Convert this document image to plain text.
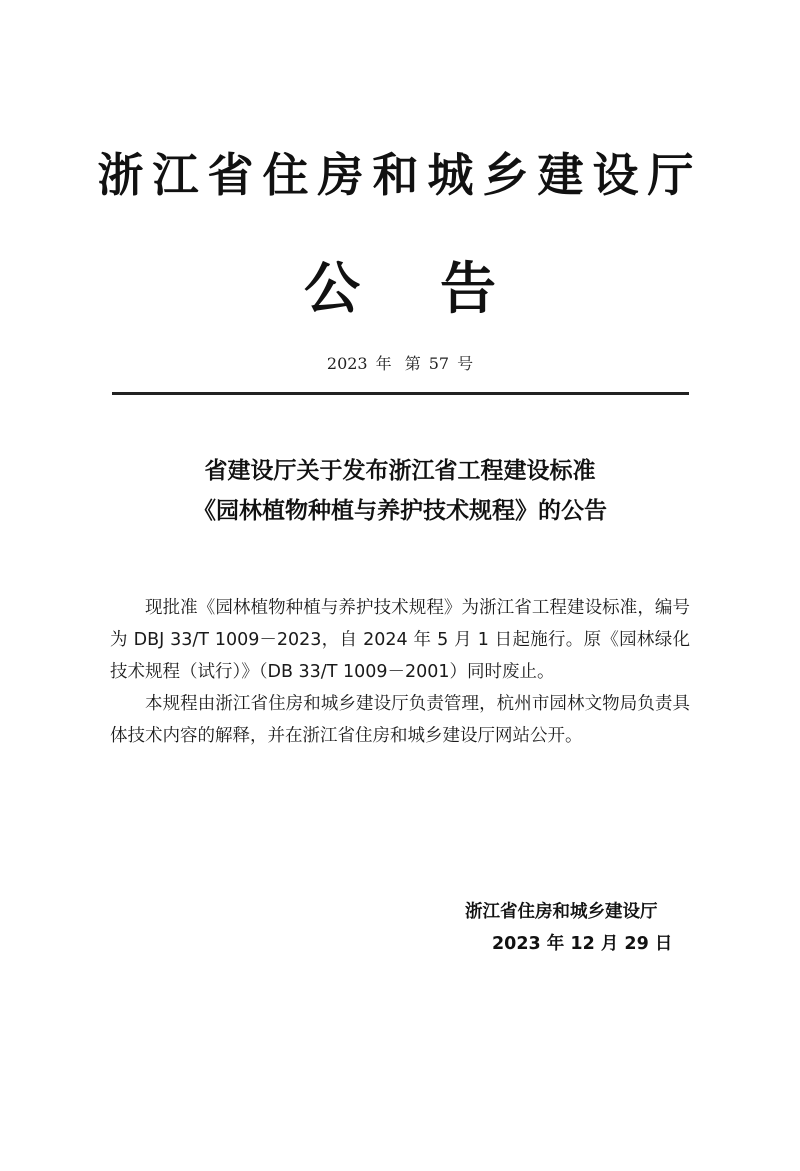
浙江省住房和城乡建设厅
公 告
2023 年 第 57 号
省建设厅关于发布浙江省工程建设标准
《园林植物种植与养护技术规程》的公告

现批准《园林植物种植与养护技术规程》为浙江省工程建设标准，编号为 DBJ 33/T 1009－2023，自 2024 年 5 月 1 日起施行。原《园林绿化技术规程（试行）》（DB 33/T 1009－2001）同时废止。

本规程由浙江省住房和城乡建设厅负责管理，杭州市园林文物局负责具体技术内容的解释，并在浙江省住房和城乡建设厅网站公开。

浙江省住房和城乡建设厅
2023 年 12 月 29 日
